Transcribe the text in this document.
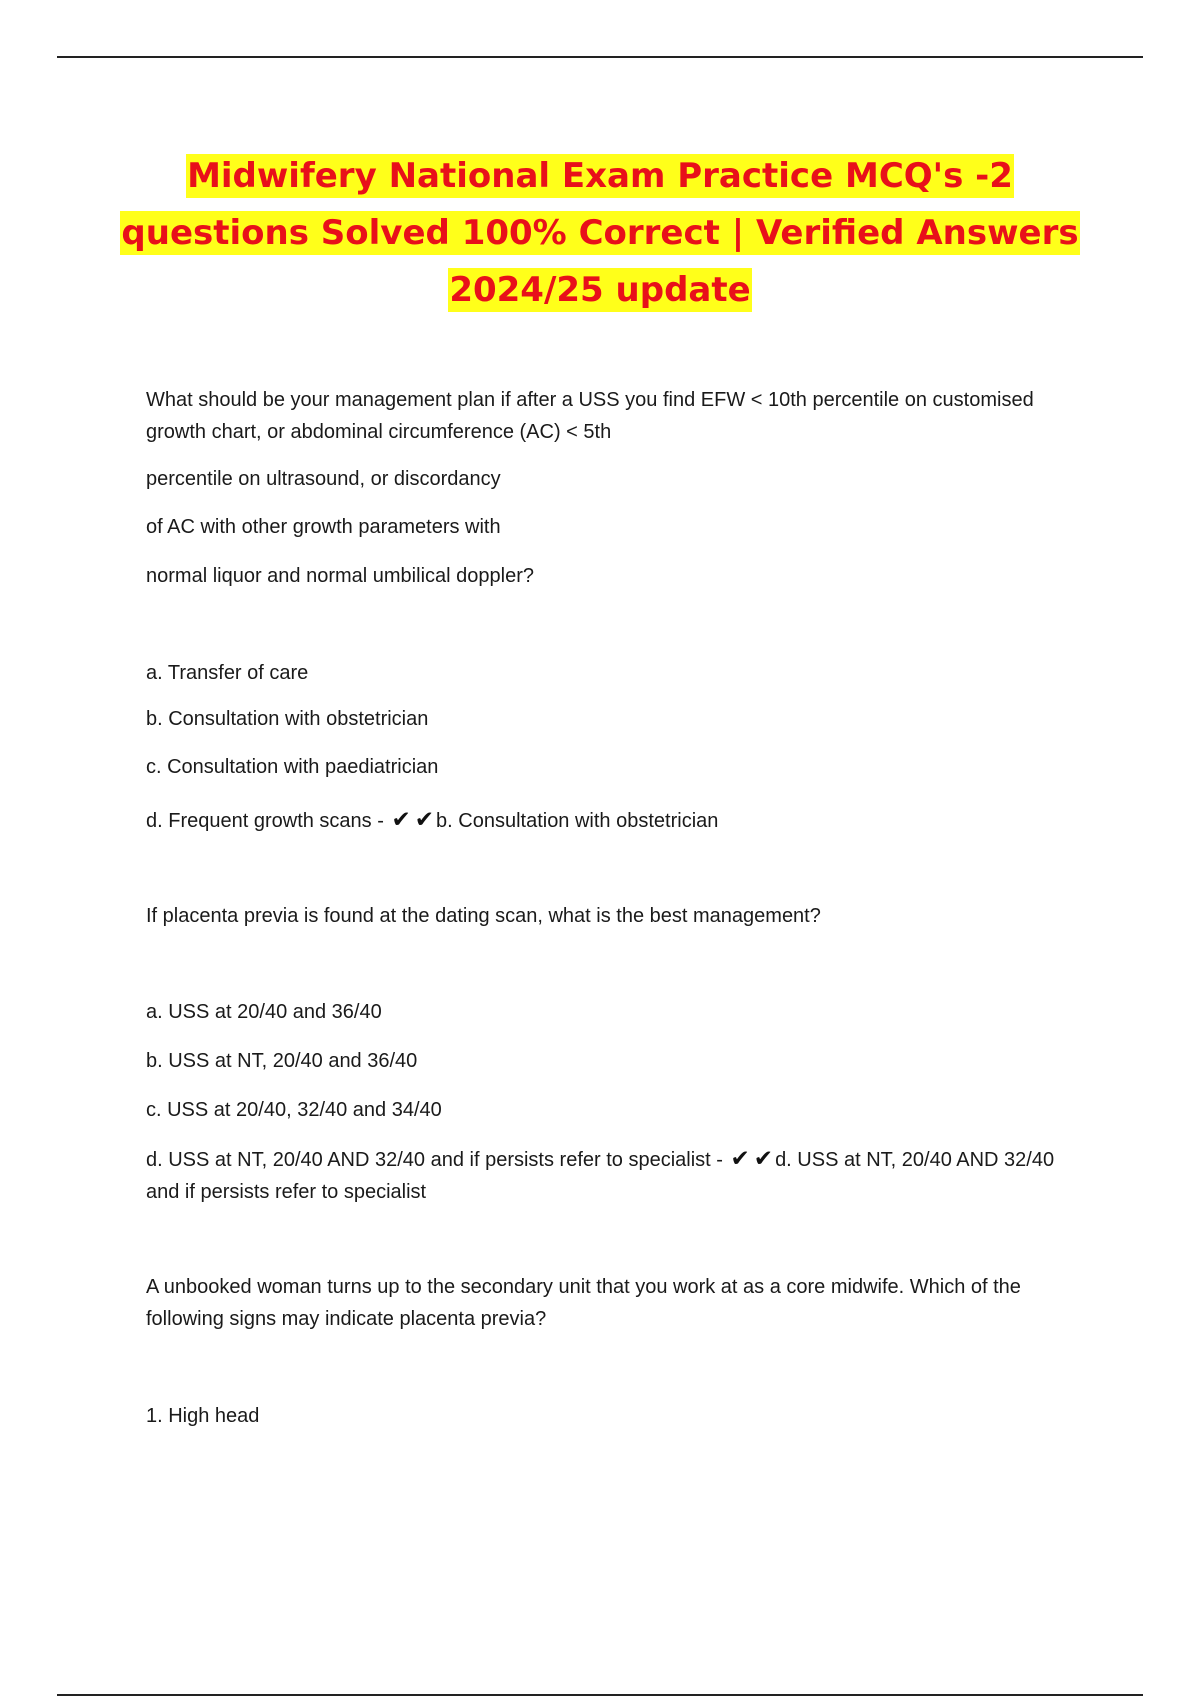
Midwifery National Exam Practice MCQ's -2
questions Solved 100% Correct | Verified Answers
2024/25 update

What should be your management plan if after a USS you find EFW < 10th percentile on customised growth chart, or abdominal circumference (AC) < 5th

percentile on ultrasound, or discordancy

of AC with other growth parameters with

normal liquor and normal umbilical doppler?

a. Transfer of care

b. Consultation with obstetrician

c. Consultation with paediatrician

d. Frequent growth scans - ✔ ✔ b. Consultation with obstetrician

If placenta previa is found at the dating scan, what is the best management?

a. USS at 20/40 and 36/40

b. USS at NT, 20/40 and 36/40

c. USS at 20/40, 32/40 and 34/40

d. USS at NT, 20/40 AND 32/40 and if persists refer to specialist - ✔ ✔ d. USS at NT, 20/40 AND 32/40 and if persists refer to specialist

A unbooked woman turns up to the secondary unit that you work at as a core midwife. Which of the following signs may indicate placenta previa?

1. High head
